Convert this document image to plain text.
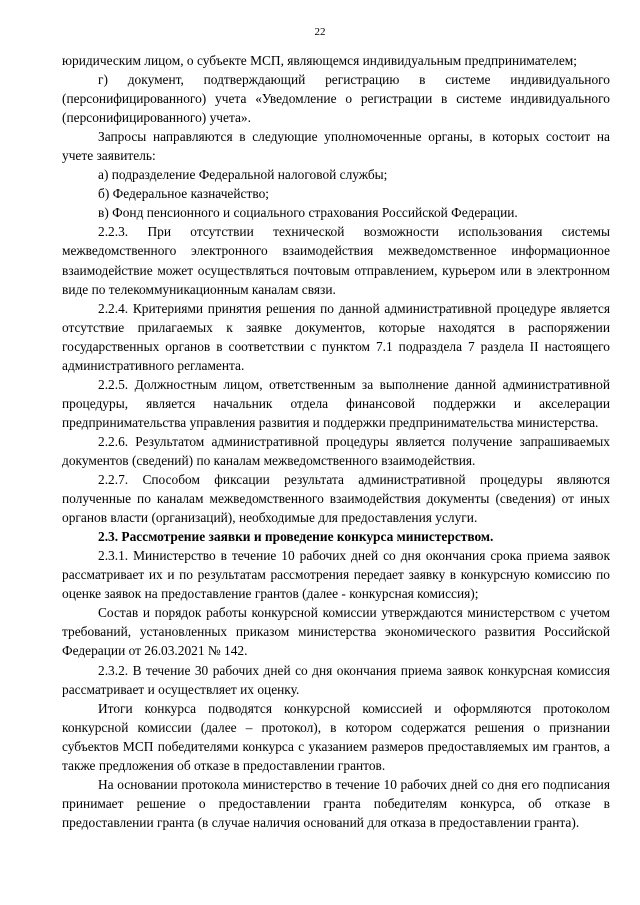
22

юридическим лицом, о субъекте МСП, являющемся индивидуальным предпринимателем;

г) документ, подтверждающий регистрацию в системе индивидуального (персонифицированного) учета «Уведомление о регистрации в системе индивидуального (персонифицированного) учета».

Запросы направляются в следующие уполномоченные органы, в которых состоит на учете заявитель:

а) подразделение Федеральной налоговой службы;

б) Федеральное казначейство;

в) Фонд пенсионного и социального страхования Российской Федерации.

2.2.3. При отсутствии технической возможности использования системы межведомственного электронного взаимодействия межведомственное информационное взаимодействие может осуществляться почтовым отправлением, курьером или в электронном виде по телекоммуникационным каналам связи.

2.2.4. Критериями принятия решения по данной административной процедуре является отсутствие прилагаемых к заявке документов, которые находятся в распоряжении государственных органов в соответствии с пунктом 7.1 подраздела 7 раздела II настоящего административного регламента.

2.2.5. Должностным лицом, ответственным за выполнение данной административной процедуры, является начальник отдела финансовой поддержки и акселерации предпринимательства управления развития и поддержки предпринимательства министерства.

2.2.6. Результатом административной процедуры является получение запрашиваемых документов (сведений) по каналам межведомственного взаимодействия.

2.2.7. Способом фиксации результата административной процедуры являются полученные по каналам межведомственного взаимодействия документы (сведения) от иных органов власти (организаций), необходимые для предоставления услуги.

2.3. Рассмотрение заявки и проведение конкурса министерством.

2.3.1. Министерство в течение 10 рабочих дней со дня окончания срока приема заявок рассматривает их и по результатам рассмотрения передает заявку в конкурсную комиссию по оценке заявок на предоставление грантов (далее - конкурсная комиссия);

Состав и порядок работы конкурсной комиссии утверждаются министерством с учетом требований, установленных приказом министерства экономического развития Российской Федерации от 26.03.2021 № 142.

2.3.2. В течение 30 рабочих дней со дня окончания приема заявок конкурсная комиссия рассматривает и осуществляет их оценку.

Итоги конкурса подводятся конкурсной комиссией и оформляются протоколом конкурсной комиссии (далее – протокол), в котором содержатся решения о признании субъектов МСП победителями конкурса с указанием размеров предоставляемых им грантов, а также предложения об отказе в предоставлении грантов.

На основании протокола министерство в течение 10 рабочих дней со дня его подписания принимает решение о предоставлении гранта победителям конкурса, об отказе в предоставлении гранта (в случае наличия оснований для отказа в предоставлении гранта).
